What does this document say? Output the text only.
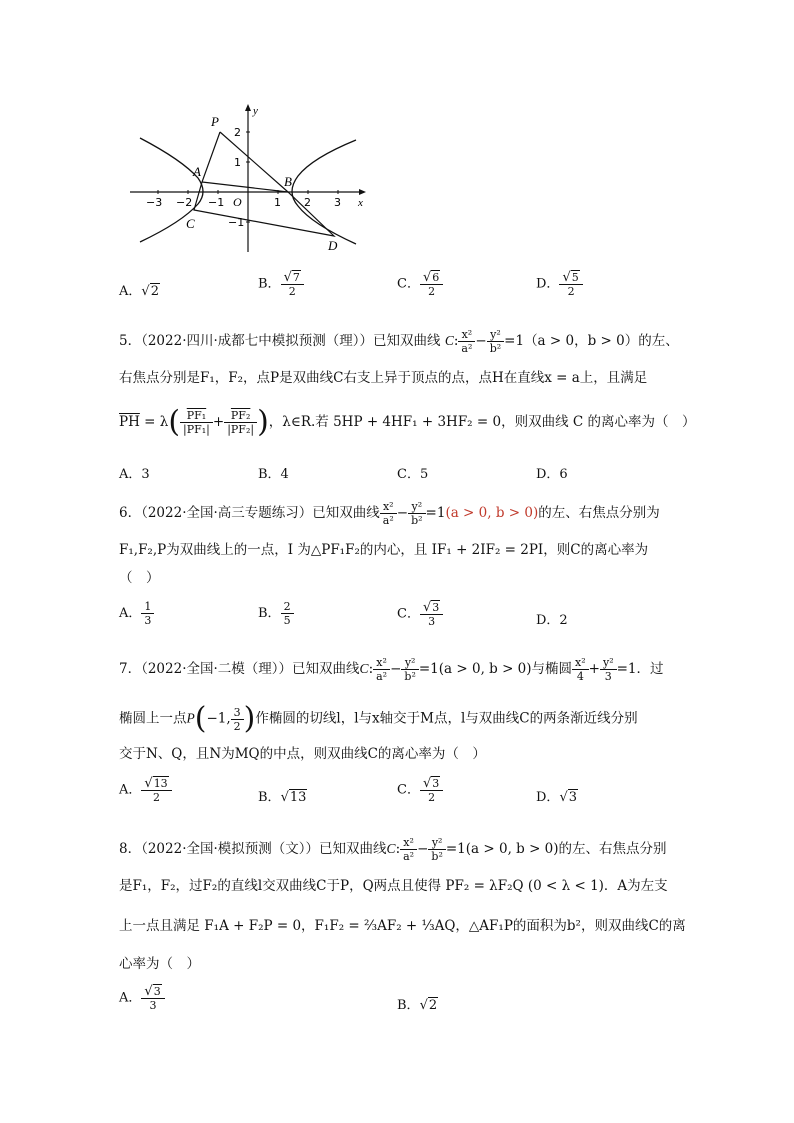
y
x
O
−3 −2 −1	1 2 3
2
1
−1
P
A
B
C
D
A．√2	B． $\frac{√7}{2}$	C． $\frac{√6}{2}$	D． $\frac{√5}{2}$
5．（2022·四川·成都七中模拟预测（理））已知双曲线 C: $\frac{\text{x²}}{\text{a²}} - \frac{\text{y²}}{\text{b²}} =1(a > 0$，b > 0）的左、
右焦点分别是F₁，F₂，点P是双曲线C右支上异于顶点的点，点H在直线x = a上，且满足
$\overline{PH} = \lambda( \frac{\text{PF₁}}{\text{|PF₁|}} + \frac{\text{PF₂}}{\text{|PF₂|}}$ )，λ∈R.若 5HP + 4HF₁ + 3HF₂ = 0，则双曲线 C 的离心率为（　）
A．3	B．4	C．5	D．6
6．（2022·全国·高三专题练习）已知双曲线 $\frac{\text{x²}}{\text{a²}} - \frac{\text{y²}}{\text{b²}} =1(a > 0$, b > 0)的左、右焦点分别为
F₁,F₂,P为双曲线上的一点，I 为△PF₁F₂的内心，且 IF₁ + 2IF₂ = 2PI，则C的离心率为
（　）
A． $\frac{1}{3}$	B． $\frac{2}{5}$	C． $\frac{√3}{3}$	D．2
7．（2022·全国·二模（理））已知双曲线C: $\frac{\text{x²}}{\text{a²}} - \frac{\text{y²}}{\text{b²}} =1(a > 0$, b > 0)与椭圆 $\frac{\text{x²}}{4} + \frac{\text{y²}}{3} =1$．过
椭圆上一点P(−1, $\frac{3}{2}$ )作椭圆的切线l，l与x轴交于M点，l与双曲线C的两条渐近线分别
交于N、Q，且N为MQ的中点，则双曲线C的离心率为（　）
A． $\frac{√13}{2}$	B．√13	C． $\frac{√3}{2}$	D．√3
8．（2022·全国·模拟预测（文））已知双曲线C: $\frac{\text{x²}}{\text{a²}} - \frac{\text{y²}}{\text{b²}} =1(a > 0$, b > 0)的左、右焦点分别
是F₁，F₂，过F₂的直线l交双曲线C于P，Q两点且使得 PF₂ = λF₂Q (0 < λ < 1)．A为左支
上一点且满足 F₁A + F₂P = 0，F₁F₂ = ⅔AF₂ + ⅓AQ，△AF₁P的面积为b²，则双曲线C的离
心率为（　）
A． $\frac{√3}{3}$	B．√2
